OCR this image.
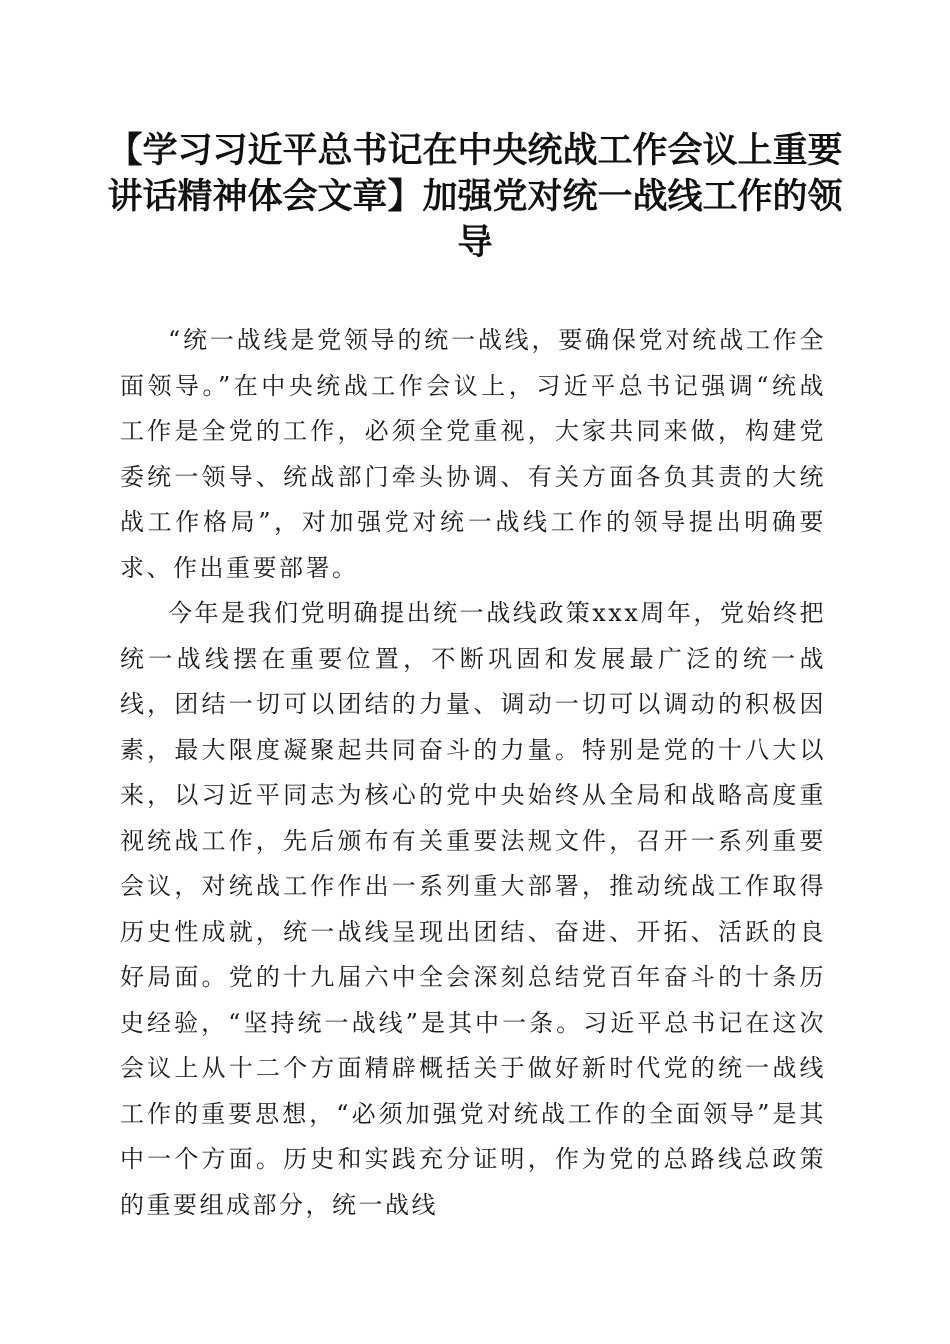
【学习习近平总书记在中央统战工作会议上重要讲话精神体会文章】加强党对统一战线工作的领导

“统一战线是党领导的统一战线，要确保党对统战工作全面领导。”在中央统战工作会议上，习近平总书记强调“统战工作是全党的工作，必须全党重视，大家共同来做，构建党委统一领导、统战部门牵头协调、有关方面各负其责的大统战工作格局”，对加强党对统一战线工作的领导提出明确要求、作出重要部署。

今年是我们党明确提出统一战线政策xxx周年，党始终把统一战线摆在重要位置，不断巩固和发展最广泛的统一战线，团结一切可以团结的力量、调动一切可以调动的积极因素，最大限度凝聚起共同奋斗的力量。特别是党的十八大以来，以习近平同志为核心的党中央始终从全局和战略高度重视统战工作，先后颁布有关重要法规文件，召开一系列重要会议，对统战工作作出一系列重大部署，推动统战工作取得历史性成就，统一战线呈现出团结、奋进、开拓、活跃的良好局面。党的十九届六中全会深刻总结党百年奋斗的十条历史经验，“坚持统一战线”是其中一条。习近平总书记在这次会议上从十二个方面精辟概括关于做好新时代党的统一战线工作的重要思想，“必须加强党对统战工作的全面领导”是其中一个方面。历史和实践充分证明，作为党的总路线总政策的重要组成部分，统一战线
